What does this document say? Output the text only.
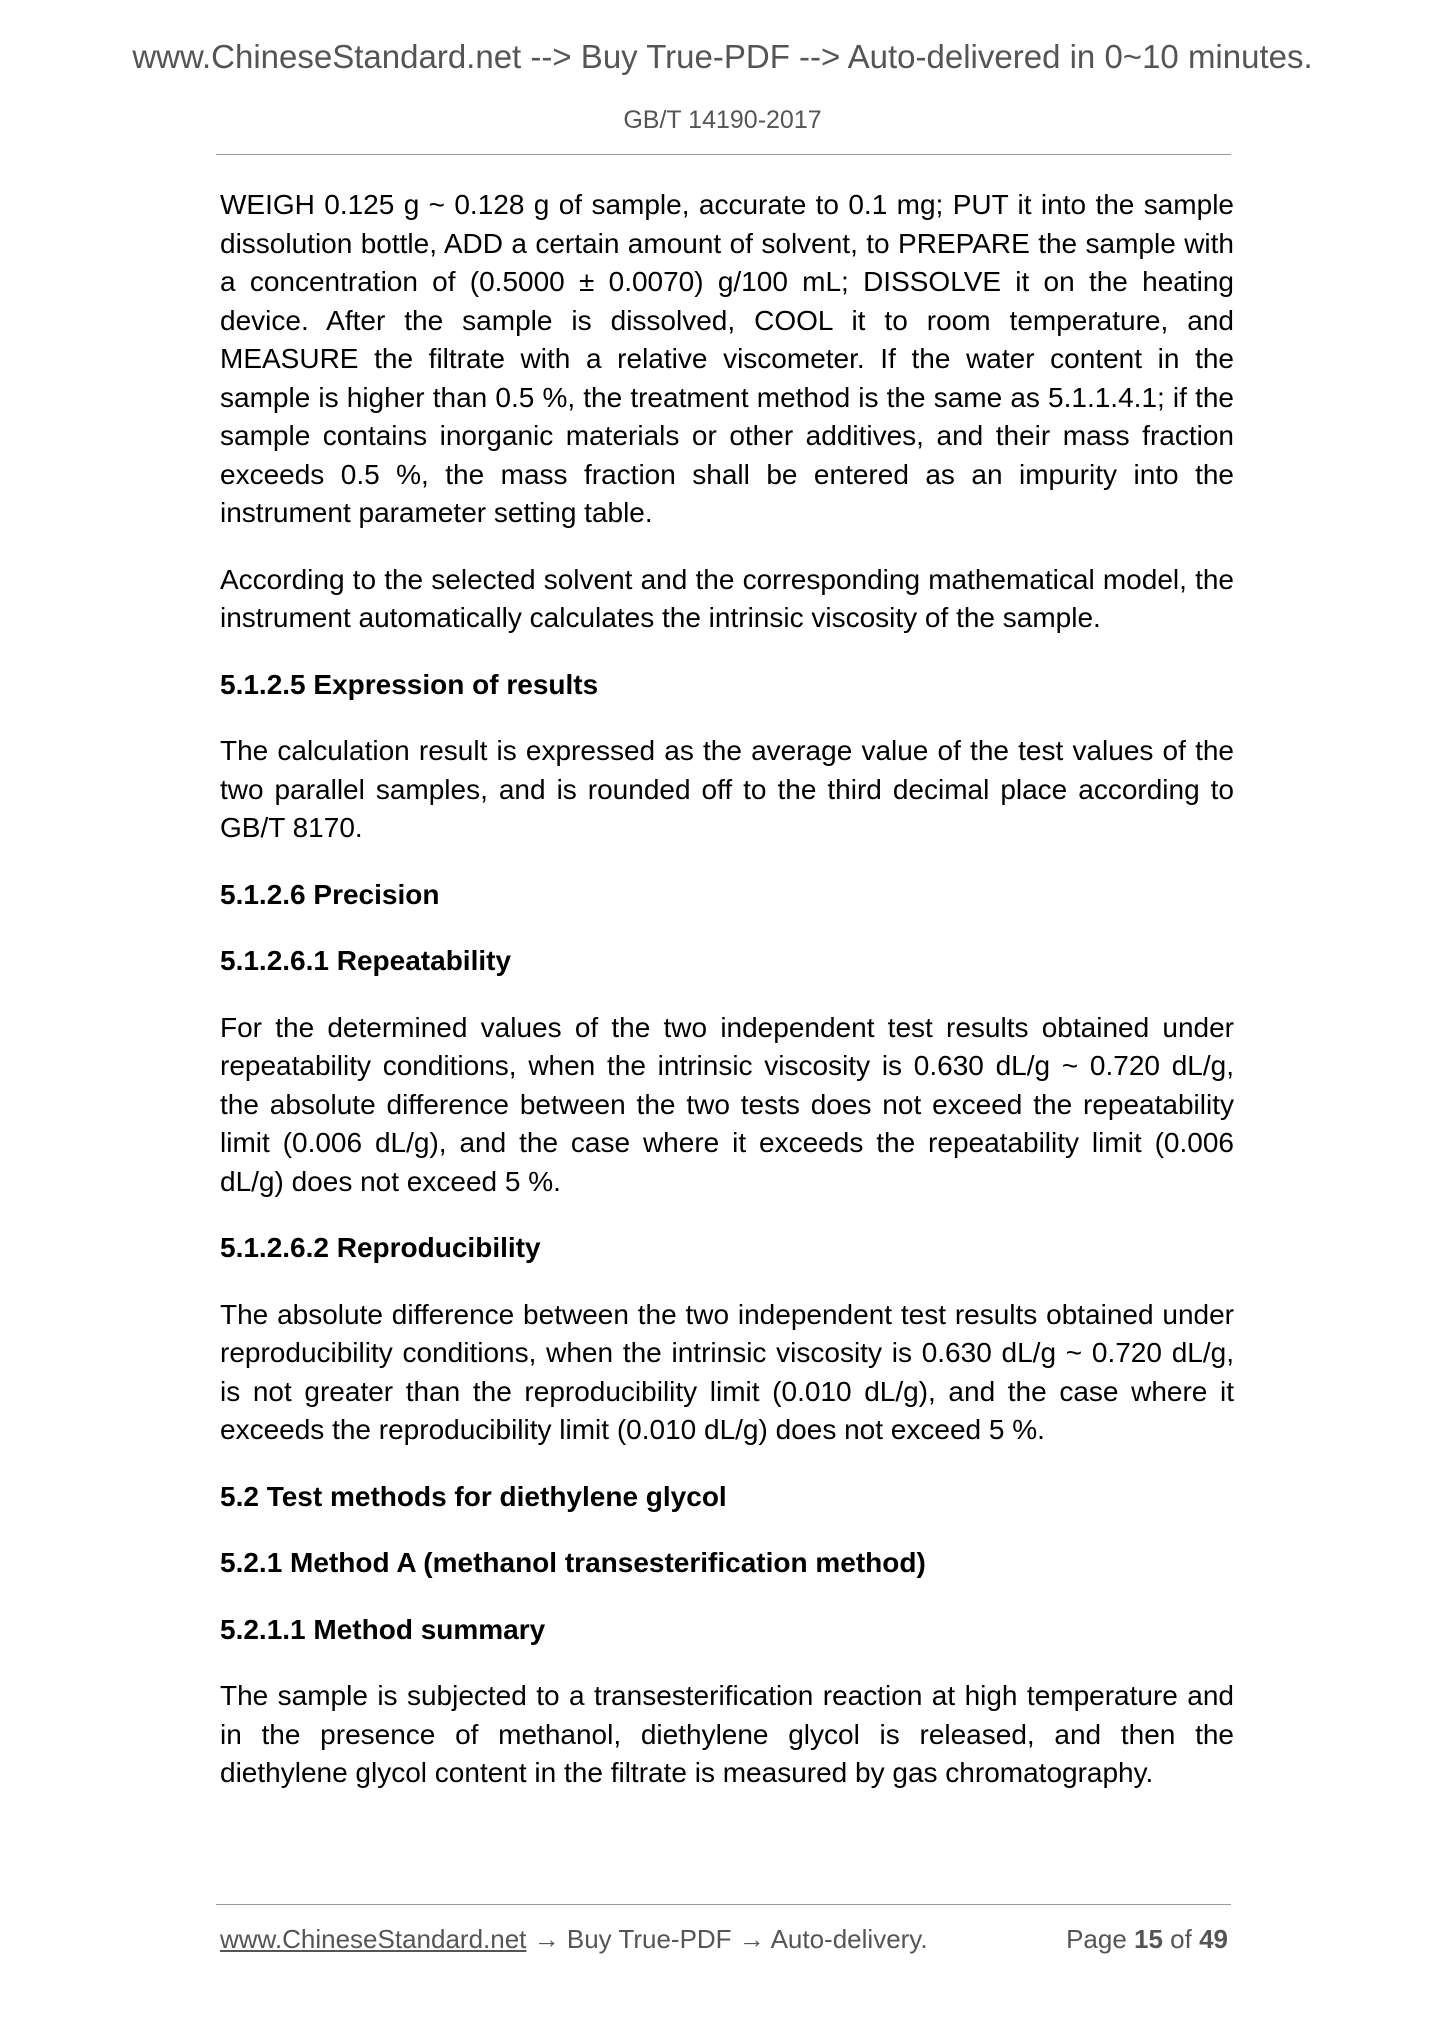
www.ChineseStandard.net --> Buy True-PDF --> Auto-delivered in 0~10 minutes.
GB/T 14190-2017

WEIGH 0.125 g ~ 0.128 g of sample, accurate to 0.1 mg; PUT it into the sample dissolution bottle, ADD a certain amount of solvent, to PREPARE the sample with a concentration of (0.5000 ± 0.0070) g/100 mL; DISSOLVE it on the heating device. After the sample is dissolved, COOL it to room temperature, and MEASURE the filtrate with a relative viscometer. If the water content in the sample is higher than 0.5 %, the treatment method is the same as 5.1.1.4.1; if the sample contains inorganic materials or other additives, and their mass fraction exceeds 0.5 %, the mass fraction shall be entered as an impurity into the instrument parameter setting table.

According to the selected solvent and the corresponding mathematical model, the instrument automatically calculates the intrinsic viscosity of the sample.

5.1.2.5 Expression of results

The calculation result is expressed as the average value of the test values of the two parallel samples, and is rounded off to the third decimal place according to GB/T 8170.

5.1.2.6 Precision

5.1.2.6.1 Repeatability

For the determined values of the two independent test results obtained under repeatability conditions, when the intrinsic viscosity is 0.630 dL/g ~ 0.720 dL/g, the absolute difference between the two tests does not exceed the repeatability limit (0.006 dL/g), and the case where it exceeds the repeatability limit (0.006 dL/g) does not exceed 5 %.

5.1.2.6.2 Reproducibility

The absolute difference between the two independent test results obtained under reproducibility conditions, when the intrinsic viscosity is 0.630 dL/g ~ 0.720 dL/g, is not greater than the reproducibility limit (0.010 dL/g), and the case where it exceeds the reproducibility limit (0.010 dL/g) does not exceed 5 %.

5.2 Test methods for diethylene glycol

5.2.1 Method A (methanol transesterification method)

5.2.1.1 Method summary

The sample is subjected to a transesterification reaction at high temperature and in the presence of methanol, diethylene glycol is released, and then the diethylene glycol content in the filtrate is measured by gas chromatography.

www.ChineseStandard.net → Buy True-PDF → Auto-delivery.	Page 15 of 49
